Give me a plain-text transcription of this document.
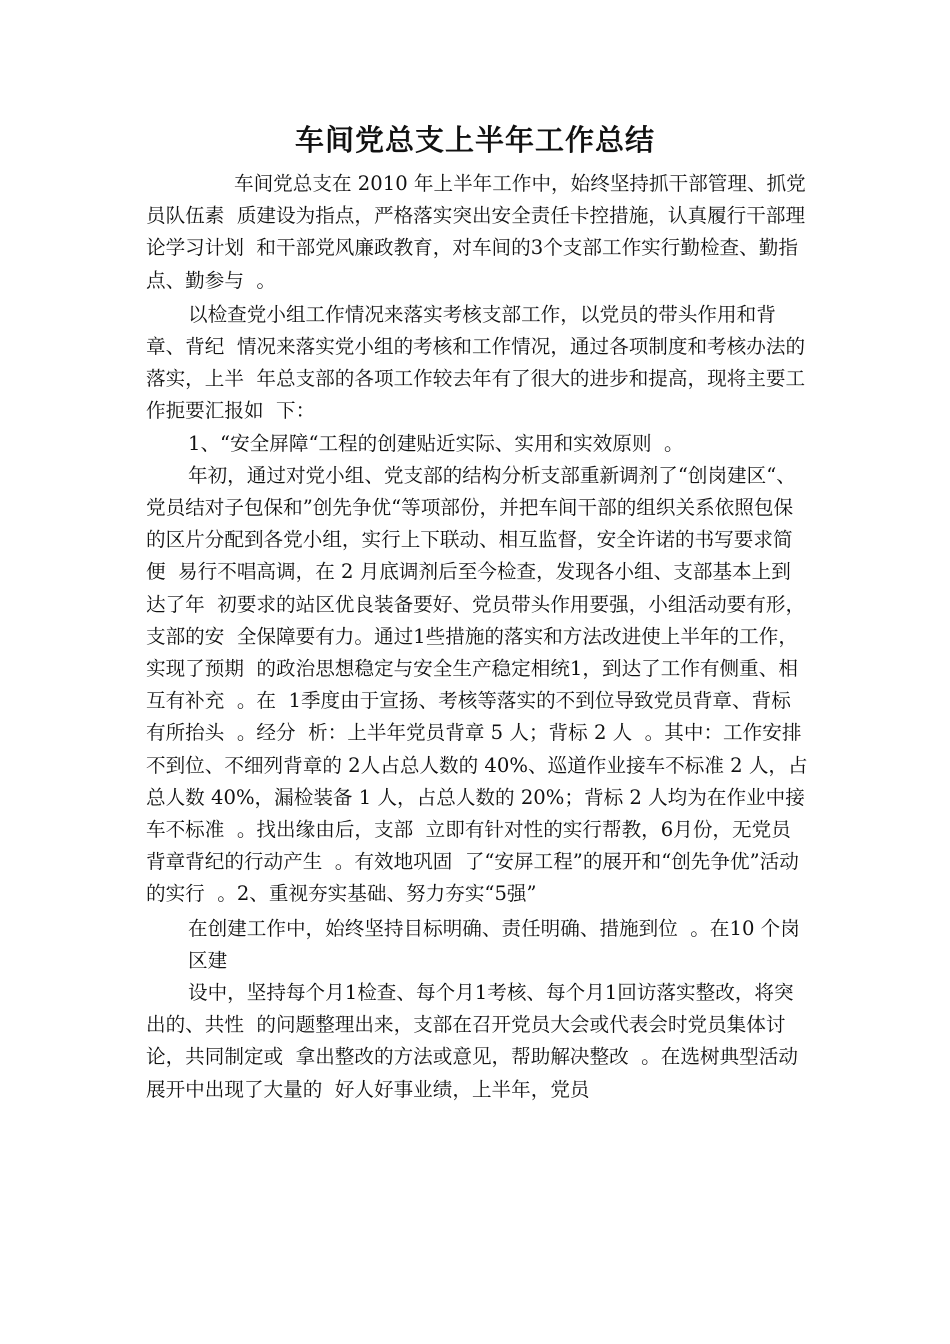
车间党总支上半年工作总结

车间党总支在 2010 年上半年工作中，始终坚持抓干部管理、抓党员队伍素  质建设为指点，严格落实突出安全责任卡控措施，认真履行干部理论学习计划  和干部党风廉政教育，对车间的3个支部工作实行勤检查、勤指点、勤参与  。

以检查党小组工作情况来落实考核支部工作，以党员的带头作用和背章、背纪  情况来落实党小组的考核和工作情况，通过各项制度和考核办法的落实，上半  年总支部的各项工作较去年有了很大的进步和提高，现将主要工作扼要汇报如  下：

1、“安全屏障“工程的创建贴近实际、实用和实效原则  。

年初，通过对党小组、党支部的结构分析支部重新调剂了“创岗建区“、  党员结对子包保和”创先争优“等项部份，并把车间干部的组织关系依照包保  的区片分配到各党小组，实行上下联动、相互监督，安全许诺的书写要求简便  易行不唱高调，在 2 月底调剂后至今检查，发现各小组、支部基本上到达了年  初要求的站区优良装备要好、党员带头作用要强，小组活动要有形，支部的安  全保障要有力。通过1些措施的落实和方法改进使上半年的工作，实现了预期  的政治思想稳定与安全生产稳定相统1，到达了工作有侧重、相互有补充  。在  1季度由于宣扬、考核等落实的不到位导致党员背章、背标有所抬头  。经分  析：上半年党员背章 5 人；背标 2 人  。其中：工作安排不到位、不细列背章的 2人占总人数的 40%、巡道作业接车不标准 2 人，占总人数 40%，漏检装备 1 人，占总人数的 20%；背标 2 人均为在作业中接车不标准  。找出缘由后，支部  立即有针对性的实行帮教，6月份，无党员背章背纪的行动产生  。有效地巩固  了“安屏工程”的展开和“创先争优”活动的实行  。2、重视夯实基础、努力夯实“5强”

在创建工作中，始终坚持目标明确、责任明确、措施到位  。在10 个岗区建

设中，坚持每个月1检查、每个月1考核、每个月1回访落实整改，将突出的、共性  的问题整理出来，支部在召开党员大会或代表会时党员集体讨论，共同制定或  拿出整改的方法或意见，帮助解决整改  。在选树典型活动展开中出现了大量的  好人好事业绩，上半年，党员
